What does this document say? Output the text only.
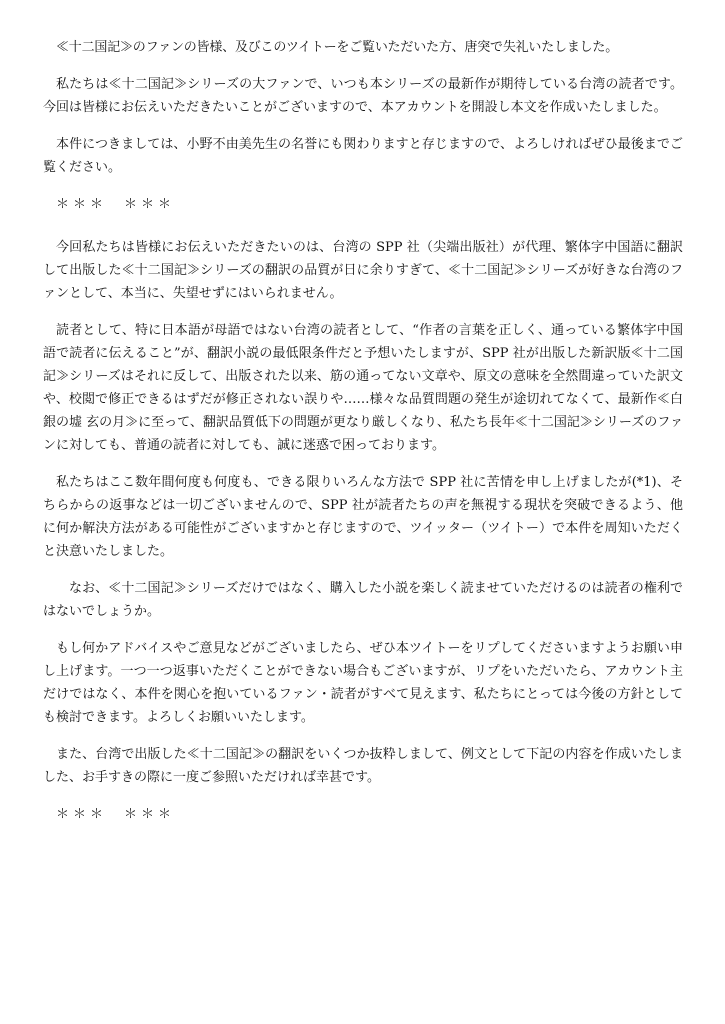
≪十二国記≫のファンの皆様、及びこのツイトーをご覧いただいた方、唐突で失礼いたしました。

私たちは≪十二国記≫シリーズの大ファンで、いつも本シリーズの最新作が期待している台湾の読者です。今回は皆様にお伝えいただきたいことがございますので、本アカウントを開設し本文を作成いたしました。

本件につきましては、小野不由美先生の名誉にも関わりますと存じますので、よろしければぜひ最後までご覧ください。

＊＊＊　＊＊＊

今回私たちは皆様にお伝えいただきたいのは、台湾の SPP 社（尖端出版社）が代理、繁体字中国語に翻訳して出版した≪十二国記≫シリーズの翻訳の品質が日に余りすぎて、≪十二国記≫シリーズが好きな台湾のファンとして、本当に、失望せずにはいられません。

読者として、特に日本語が母語ではない台湾の読者として、“作者の言葉を正しく、通っている繁体字中国語で読者に伝えること”が、翻訳小説の最低限条件だと予想いたしますが、SPP 社が出版した新訳版≪十二国記≫シリーズはそれに反して、出版された以来、筋の通ってない文章や、原文の意味を全然間違っていた訳文や、校閲で修正できるはずだが修正されない誤りや……様々な品質問題の発生が途切れてなくて、最新作≪白銀の墟 玄の月≫に至って、翻訳品質低下の問題が更なり厳しくなり、私たち長年≪十二国記≫シリーズのファンに対しても、普通の読者に対しても、誠に迷惑で困っております。

私たちはここ数年間何度も何度も、できる限りいろんな方法で SPP 社に苦情を申し上げましたが(*1)、そちらからの返事などは一切ございませんので、SPP 社が読者たちの声を無視する現状を突破できるよう、他に何か解決方法がある可能性がございますかと存じますので、ツイッター（ツイトー）で本件を周知いただくと決意いたしました。

なお、≪十二国記≫シリーズだけではなく、購入した小説を楽しく読ませていただけるのは読者の権利ではないでしょうか。

もし何かアドバイスやご意見などがございましたら、ぜひ本ツイトーをリプしてくださいますようお願い申し上げます。一つ一つ返事いただくことができない場合もございますが、リプをいただいたら、アカウント主だけではなく、本件を関心を抱いているファン・読者がすべて見えます、私たちにとっては今後の方針としても検討できます。よろしくお願いいたします。

また、台湾で出版した≪十二国記≫の翻訳をいくつか抜粋しまして、例文として下記の内容を作成いたしました、お手すきの際に一度ご参照いただければ幸甚です。

＊＊＊　＊＊＊
